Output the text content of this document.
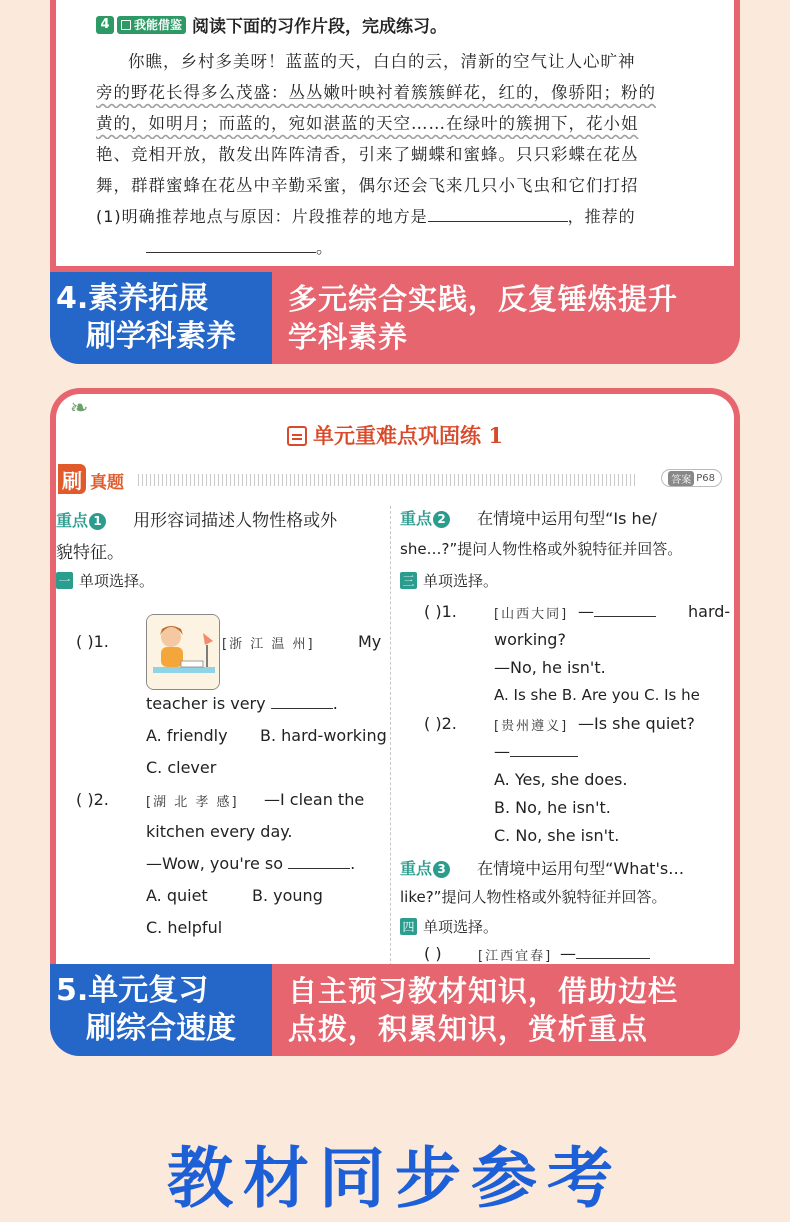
4	我能借鉴 阅读下面的习作片段，完成练习。
你瞧，乡村多美呀！蓝蓝的天，白白的云，清新的空气让人心旷神
旁的野花长得多么茂盛：丛丛嫩叶映衬着簇簇鲜花，红的，像骄阳；粉的
黄的，如明月；而蓝的，宛如湛蓝的天空……在绿叶的簇拥下，花小姐
艳、竞相开放，散发出阵阵清香，引来了蝴蝶和蜜蜂。只只彩蝶在花丛
舞，群群蜜蜂在花丛中辛勤采蜜，偶尔还会飞来几只小飞虫和它们打招
(1)明确推荐地点与原因：片段推荐的地方是	，推荐的
。
4.素养拓展
刷学科素养
多元综合实践，反复锤炼提升
学科素养
❧
单元重难点巩固练 1
刷 真题	答案 P68
重点 1 用形容词描述人物性格或外
貌特征。
一 单项选择。
( )1.	[浙 江 温 州]	My
teacher is very	.
A. friendly B. hard-working
C. clever
( )2.	[湖 北 孝 感] —I clean the
kitchen every day.
—Wow, you're so	.
A. quiet	B. young
C. helpful
重点 2 在情境中运用句型“Is he/
she…?”提问人物性格或外貌特征并回答。
三 单项选择。
( )1.	[山西大同] —	hard-
working?
—No, he isn't.
A. Is she B. Are you C. Is he
( )2.	[贵州遵义] —Is she quiet?
—
A. Yes, she does.
B. No, he isn't.
C. No, she isn't.
重点 3 在情境中运用句型“What's…
like?”提问人物性格或外貌特征并回答。
四 单项选择。
( )	[江西宜春] —
5.单元复习
刷综合速度
自主预习教材知识，借助边栏
点拨，积累知识，赏析重点
教材同步参考
